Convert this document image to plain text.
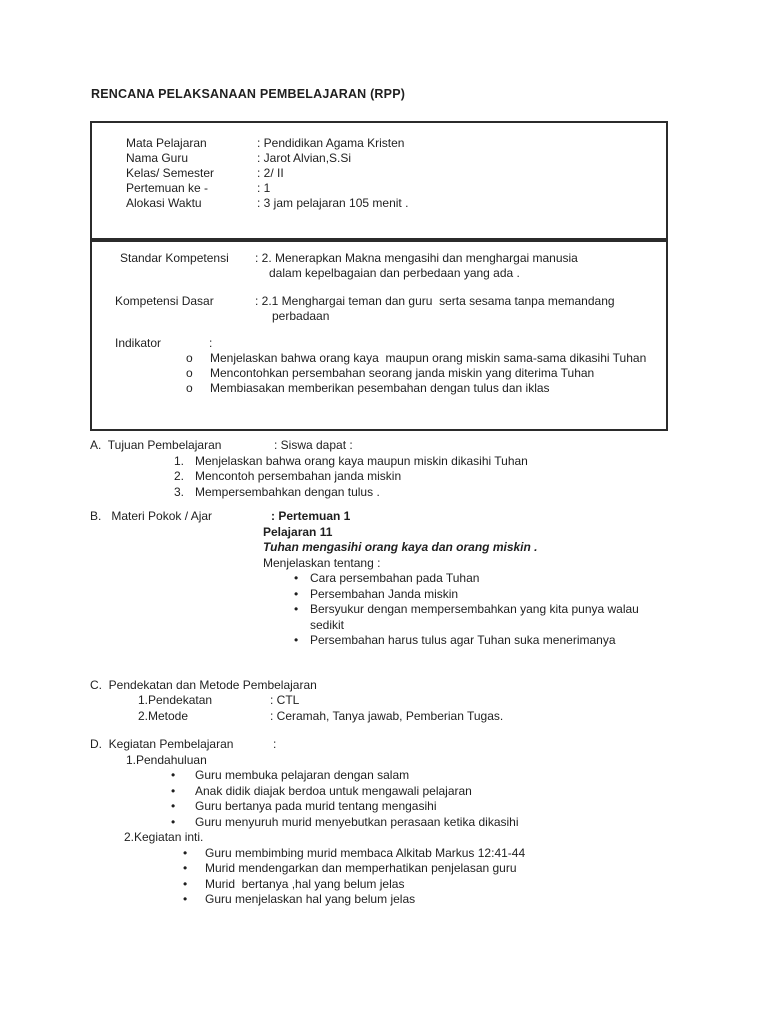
RENCANA PELAKSANAAN PEMBELAJARAN (RPP)
Mata Pelajaran	: Pendidikan Agama Kristen
Nama Guru	: Jarot Alvian,S.Si
Kelas/ Semester	: 2/ II
Pertemuan ke -	: 1
Alokasi Waktu	: 3 jam pelajaran 105 menit .
Standar Kompetensi	: 2. Menerapkan Makna mengasihi dan menghargai manusia
dalam kepelbagaian dan perbedaan yang ada .
Kompetensi Dasar	: 2.1 Menghargai teman dan guru  serta sesama tanpa memandang
perbadaan
Indikator	:
o	Menjelaskan bahwa orang kaya  maupun orang miskin sama-sama dikasihi Tuhan
o	Mencontohkan persembahan seorang janda miskin yang diterima Tuhan
o	Membiasakan memberikan pesembahan dengan tulus dan iklas
A.  Tujuan Pembelajaran	: Siswa dapat :
1. Menjelaskan bahwa orang kaya maupun miskin dikasihi Tuhan
2. Mencontoh persembahan janda miskin
3. Mempersembahkan dengan tulus .
B.   Materi Pokok / Ajar	: Pertemuan 1
Pelajaran 11
Tuhan mengasihi orang kaya dan orang miskin .
Menjelaskan tentang :
• Cara persembahan pada Tuhan
• Persembahan Janda miskin
• Bersyukur dengan mempersembahkan yang kita punya walau sedikit
• Persembahan harus tulus agar Tuhan suka menerimanya
C.  Pendekatan dan Metode Pembelajaran
1.Pendekatan	: CTL
2.Metode	: Ceramah, Tanya jawab, Pemberian Tugas.
D.  Kegiatan Pembelajaran	:
1.Pendahuluan
•	Guru membuka pelajaran dengan salam
•	Anak didik diajak berdoa untuk mengawali pelajaran
•	Guru bertanya pada murid tentang mengasihi
•	Guru menyuruh murid menyebutkan perasaan ketika dikasihi
2.Kegiatan inti.
•	Guru membimbing murid membaca Alkitab Markus 12:41-44
•	Murid mendengarkan dan memperhatikan penjelasan guru
•	Murid  bertanya ,hal yang belum jelas
•	Guru menjelaskan hal yang belum jelas
